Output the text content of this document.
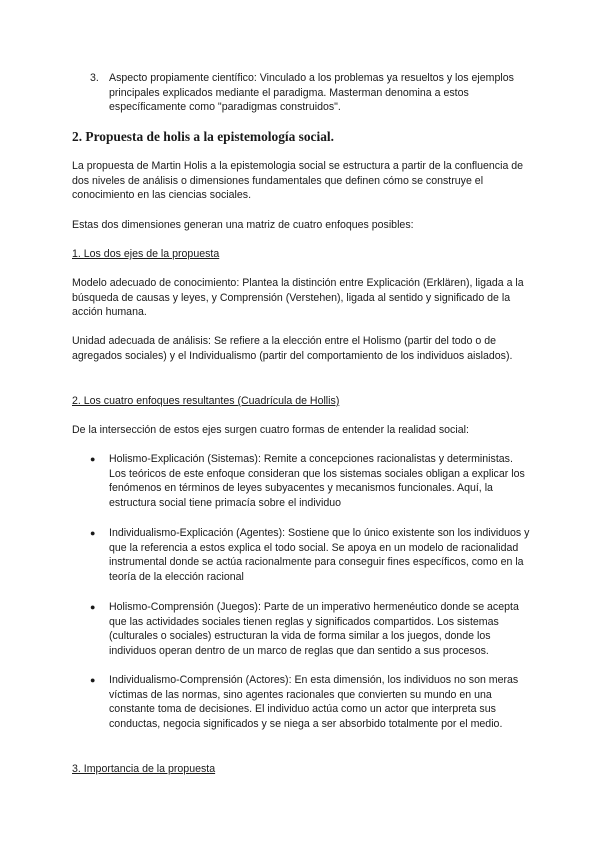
3. Aspecto propiamente científico: Vinculado a los problemas ya resueltos y los ejemplos principales explicados mediante el paradigma. Masterman denomina a estos específicamente como "paradigmas construidos".
2. Propuesta de holis a la epistemología social.

La propuesta de Martin Holis a la epistemologia social se estructura a partir de la confluencia de dos niveles de análisis o dimensiones fundamentales que definen cómo se construye el conocimiento en las ciencias sociales.

Estas dos dimensiones generan una matriz de cuatro enfoques posibles:

1. Los dos ejes de la propuesta

Modelo adecuado de conocimiento: Plantea la distinción entre Explicación (Erklären), ligada a la búsqueda de causas y leyes, y Comprensión (Verstehen), ligada al sentido y significado de la acción humana.

Unidad adecuada de análisis: Se refiere a la elección entre el Holismo (partir del todo o de agregados sociales) y el Individualismo (partir del comportamiento de los individuos aislados).

2. Los cuatro enfoques resultantes (Cuadrícula de Hollis)

De la intersección de estos ejes surgen cuatro formas de entender la realidad social:

● Holismo-Explicación (Sistemas): Remite a concepciones racionalistas y deterministas. Los teóricos de este enfoque consideran que los sistemas sociales obligan a explicar los fenómenos en términos de leyes subyacentes y mecanismos funcionales. Aquí, la estructura social tiene primacía sobre el individuo
● Individualismo-Explicación (Agentes): Sostiene que lo único existente son los individuos y que la referencia a estos explica el todo social. Se apoya en un modelo de racionalidad instrumental donde se actúa racionalmente para conseguir fines específicos, como en la teoría de la elección racional
● Holismo-Comprensión (Juegos): Parte de un imperativo hermenéutico donde se acepta que las actividades sociales tienen reglas y significados compartidos. Los sistemas (culturales o sociales) estructuran la vida de forma similar a los juegos, donde los individuos operan dentro de un marco de reglas que dan sentido a sus procesos.
● Individualismo-Comprensión (Actores): En esta dimensión, los individuos no son meras víctimas de las normas, sino agentes racionales que convierten su mundo en una constante toma de decisiones. El individuo actúa como un actor que interpreta sus conductas, negocia significados y se niega a ser absorbido totalmente por el medio.

3. Importancia de la propuesta
